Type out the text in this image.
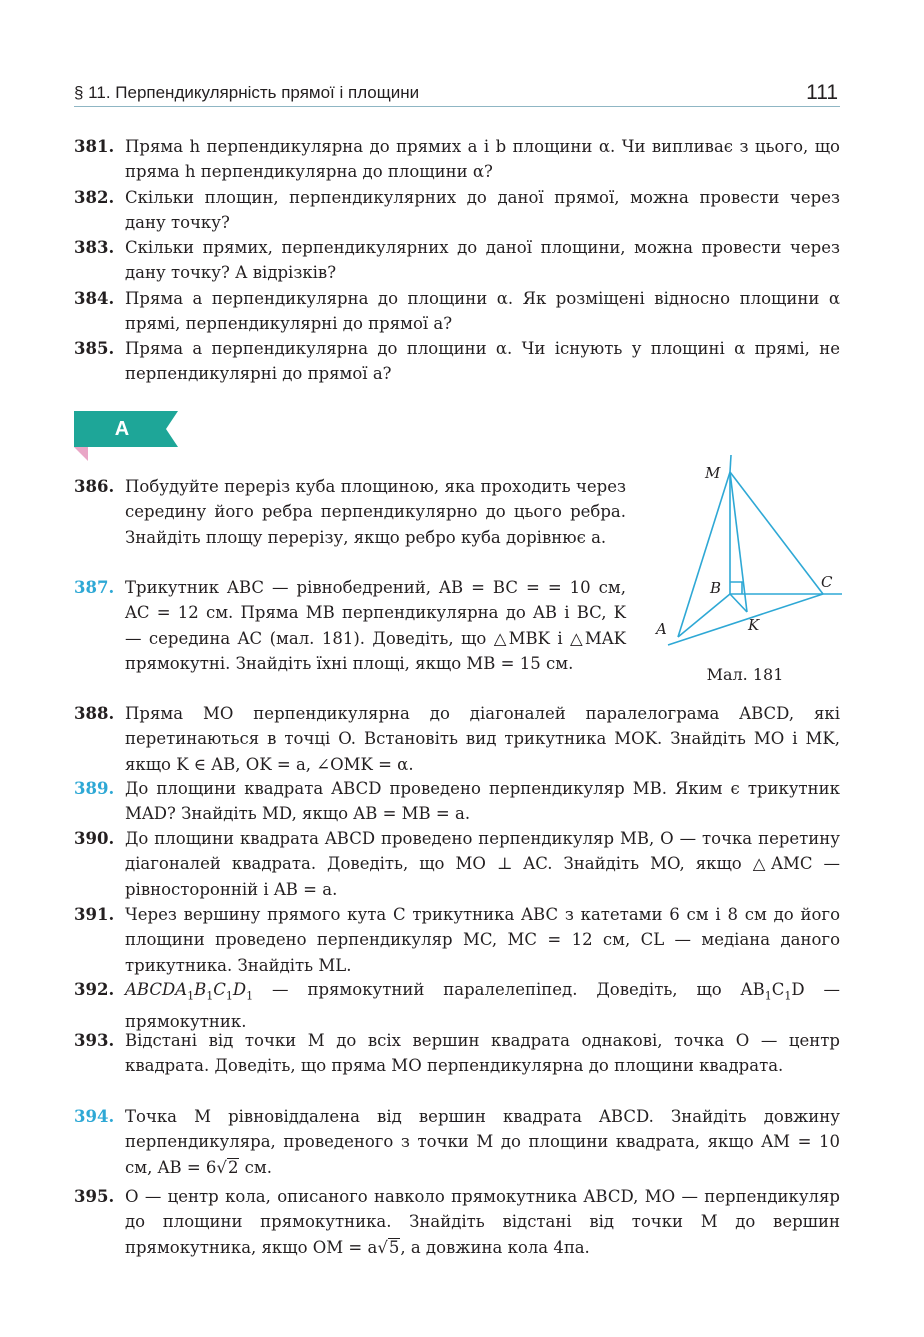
§ 11. Перпендикулярність прямої і площини	111
381. Пряма h перпендикулярна до прямих a і b площини α. Чи випливає з цього, що пряма h перпендикулярна до площини α?
382. Скільки площин, перпендикулярних до даної прямої, можна провести через дану точку?
383. Скільки прямих, перпендикулярних до даної площини, можна провести через дану точку? А відрізків?
384. Пряма a перпендикулярна до площини α. Як розміщені відносно площини α прямі, перпендикулярні до прямої a?
385. Пряма a перпендикулярна до площини α. Чи існують у площині α прямі, не перпендикулярні до прямої a?
A
386. Побудуйте переріз куба площиною, яка проходить через середину його ребра перпендикулярно до цього ребра. Знайдіть площу перерізу, якщо ребро куба дорівнює a.
387. Трикутник ABC — рівнобедрений, AB = BC = = 10 см, AC = 12 см. Пряма MB перпендикулярна до AB і BC, K — середина AC (мал. 181). Доведіть, що △MBK і △MAK прямокутні. Знайдіть їхні площі, якщо MB = 15 см.
M
B	C
A	K
Мал. 181
388. Пряма MO перпендикулярна до діагоналей паралелограма ABCD, які перетинаються в точці O. Встановіть вид трикутника MOK. Знайдіть MO і MK, якщо K ∈ AB, OK = a, ∠OMK = α.
389. До площини квадрата ABCD проведено перпендикуляр MB. Яким є трикутник MAD? Знайдіть MD, якщо AB = MB = a.
390. До площини квадрата ABCD проведено перпендикуляр MB, O — точка перетину діагоналей квадрата. Доведіть, що MO ⊥ AC. Знайдіть MO, якщо △AMC — рівносторонній і AB = a.
391. Через вершину прямого кута C трикутника ABC з катетами 6 см і 8 см до його площини проведено перпендикуляр MC, MC = 12 см, CL — медіана даного трикутника. Знайдіть ML.
392. $ABCDA_1B_1C_1D_1$ — прямокутний паралелепіпед. Доведіть, що $AB_1C_1D$ — прямокутник.
393. Відстані від точки M до всіх вершин квадрата однакові, точка O — центр квадрата. Доведіть, що пряма MO перпендикулярна до площини квадрата.
394. Точка M рівновіддалена від вершин квадрата ABCD. Знайдіть довжину перпендикуляра, проведеного з точки M до площини квадрата, якщо AM = 10 см, AB = 6√2 см.
395. O — центр кола, описаного навколо прямокутника ABCD, MO — перпендикуляр до площини прямокутника. Знайдіть відстані від точки M до вершин прямокутника, якщо OM = a√5, а довжина кола 4πa.
